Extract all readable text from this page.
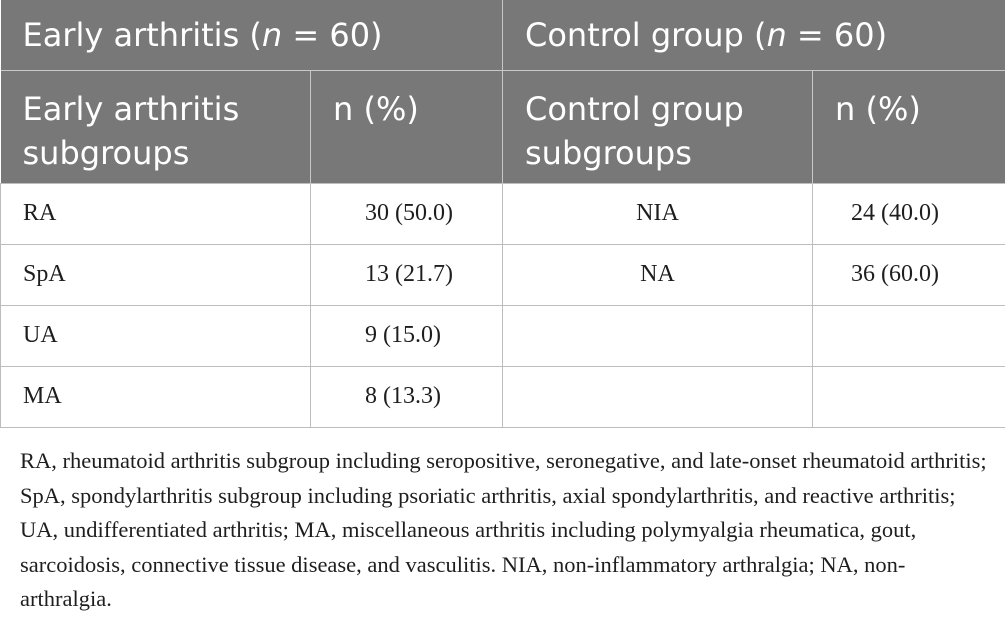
Early arthritis (n = 60)		Control group (n = 60)	
Early arthritis subgroups	n (%)	Control group subgroups	n (%)
RA	30 (50.0)	NIA	24 (40.0)
SpA	13 (21.7)	NA	36 (60.0)
UA	9 (15.0)		
MA	8 (13.3)		

RA, rheumatoid arthritis subgroup including seropositive, seronegative, and late-onset rheumatoid arthritis; SpA, spondylarthritis subgroup including psoriatic arthritis, axial spondylarthritis, and reactive arthritis; UA, undifferentiated arthritis; MA, miscellaneous arthritis including polymyalgia rheumatica, gout, sarcoidosis, connective tissue disease, and vasculitis. NIA, non-inflammatory arthralgia; NA, non-arthralgia.
